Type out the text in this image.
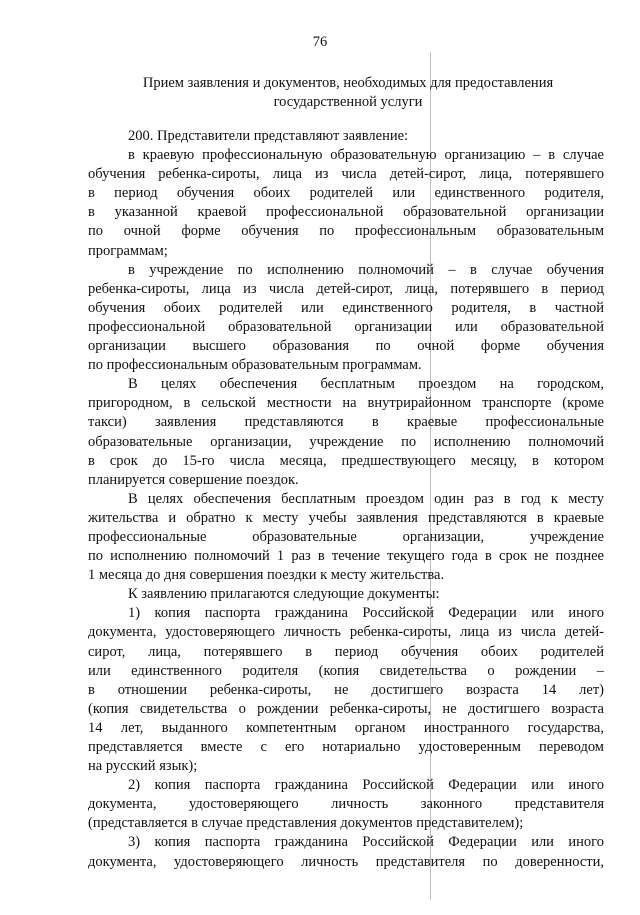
76
Прием заявления и документов, необходимых для предоставления
государственной услуги
200. Представители представляют заявление:
в краевую профессиональную образовательную организацию – в случае
обучения ребенка-сироты, лица из числа детей-сирот, лица, потерявшего
в период обучения обоих родителей или единственного родителя,
в указанной краевой профессиональной образовательной организации
по очной форме обучения по профессиональным образовательным
программам;
в учреждение по исполнению полномочий – в случае обучения
ребенка-сироты, лица из числа детей-сирот, лица, потерявшего в период
обучения обоих родителей или единственного родителя, в частной
профессиональной образовательной организации или образовательной
организации высшего образования по очной форме обучения
по профессиональным образовательным программам.
В целях обеспечения бесплатным проездом на городском,
пригородном, в сельской местности на внутрирайонном транспорте (кроме
такси) заявления представляются в краевые профессиональные
образовательные организации, учреждение по исполнению полномочий
в срок до 15-го числа месяца, предшествующего месяцу, в котором
планируется совершение поездок.
В целях обеспечения бесплатным проездом один раз в год к месту
жительства и обратно к месту учебы заявления представляются в краевые
профессиональные образовательные организации, учреждение
по исполнению полномочий 1 раз в течение текущего года в срок не позднее
1 месяца до дня совершения поездки к месту жительства.
К заявлению прилагаются следующие документы:
1) копия паспорта гражданина Российской Федерации или иного
документа, удостоверяющего личность ребенка-сироты, лица из числа детей-
сирот, лица, потерявшего в период обучения обоих родителей
или единственного родителя (копия свидетельства о рождении –
в отношении ребенка-сироты, не достигшего возраста 14 лет)
(копия свидетельства о рождении ребенка-сироты, не достигшего возраста
14 лет, выданного компетентным органом иностранного государства,
представляется вместе с его нотариально удостоверенным переводом
на русский язык);
2) копия паспорта гражданина Российской Федерации или иного
документа, удостоверяющего личность законного представителя
(представляется в случае представления документов представителем);
3) копия паспорта гражданина Российской Федерации или иного
документа, удостоверяющего личность представителя по доверенности,
